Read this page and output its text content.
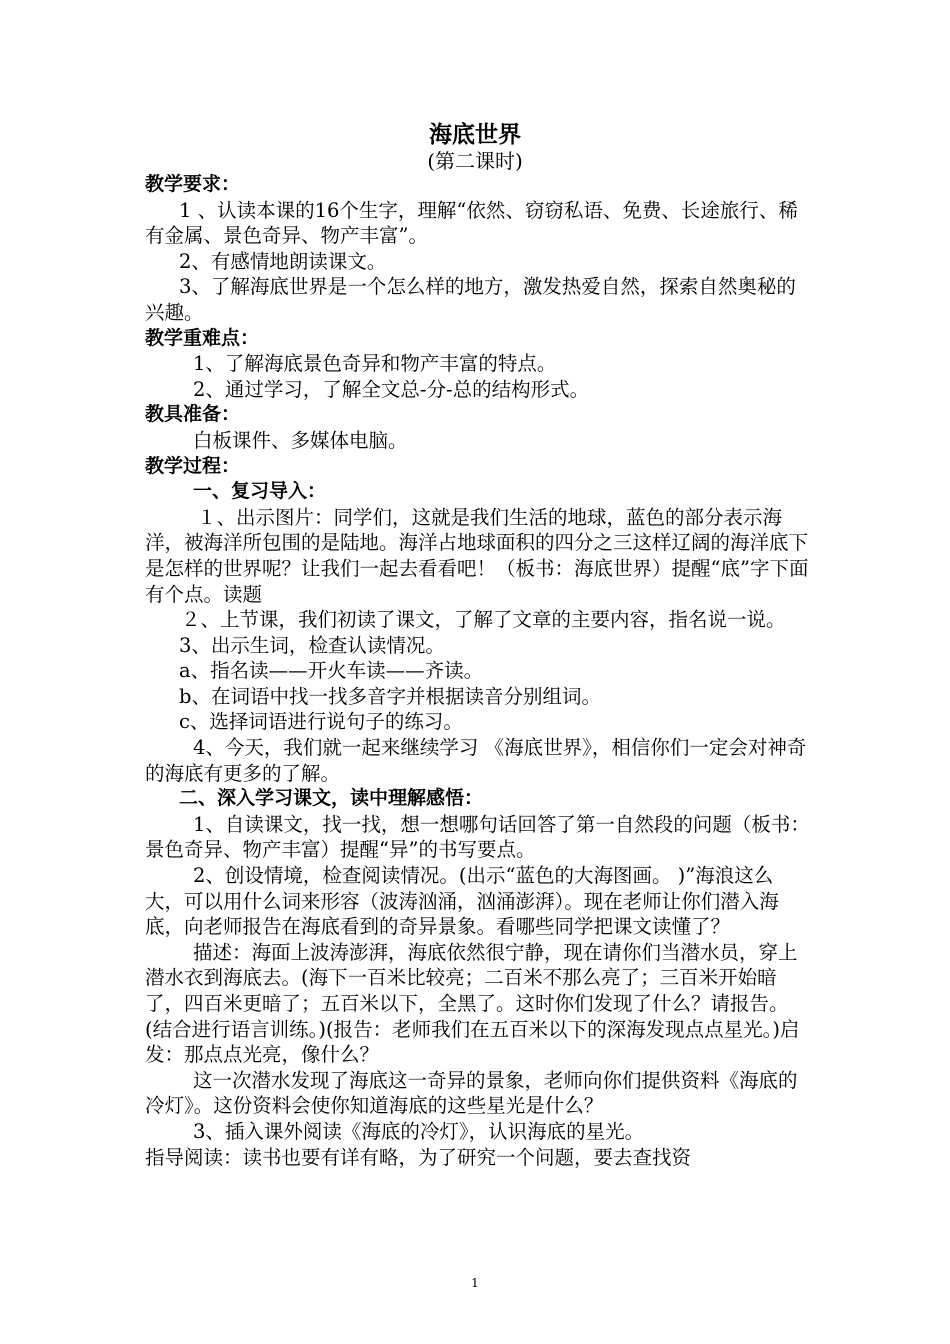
海底世界
(第二课时)

教学要求：

1 、认读本课的16个生字，理解“依然、窃窃私语、免费、长途旅行、稀有金属、景色奇异、物产丰富”。

2、有感情地朗读课文。

3、了解海底世界是一个怎么样的地方，激发热爱自然，探索自然奥秘的兴趣。

教学重难点：

1、了解海底景色奇异和物产丰富的特点。

2、通过学习，了解全文总-分-总的结构形式。

教具准备：

白板课件、多媒体电脑。

教学过程：

一、复习导入：

１、出示图片：同学们，这就是我们生活的地球，蓝色的部分表示海洋，被海洋所包围的是陆地。海洋占地球面积的四分之三这样辽阔的海洋底下是怎样的世界呢？让我们一起去看看吧！（板书：海底世界）提醒“底”字下面有个点。读题

２、上节课，我们初读了课文，了解了文章的主要内容，指名说一说。

3、出示生词，检查认读情况。

a、指名读——开火车读——齐读。

b、在词语中找一找多音字并根据读音分别组词。

c、选择词语进行说句子的练习。

4、今天，我们就一起来继续学习 《海底世界》，相信你们一定会对神奇的海底有更多的了解。

二、深入学习课文，读中理解感悟：

1、自读课文，找一找，想一想哪句话回答了第一自然段的问题（板书：景色奇异、物产丰富）提醒“异”的书写要点。

2、创设情境，检查阅读情况。(出示“蓝色的大海图画。 )”海浪这么大，可以用什么词来形容（波涛汹涌，汹涌澎湃）。现在老师让你们潜入海底，向老师报告在海底看到的奇异景象。看哪些同学把课文读懂了？

描述：海面上波涛澎湃，海底依然很宁静，现在请你们当潜水员，穿上潜水衣到海底去。(海下一百米比较亮；二百米不那么亮了；三百米开始暗了，四百米更暗了；五百米以下，全黑了。这时你们发现了什么？请报告。(结合进行语言训练。)(报告：老师我们在五百米以下的深海发现点点星光。)启发：那点点光亮，像什么？

这一次潜水发现了海底这一奇异的景象，老师向你们提供资料《海底的冷灯》。这份资料会使你知道海底的这些星光是什么？

3、插入课外阅读《海底的冷灯》，认识海底的星光。

指导阅读：读书也要有详有略，为了研究一个问题，要去查找资

1
